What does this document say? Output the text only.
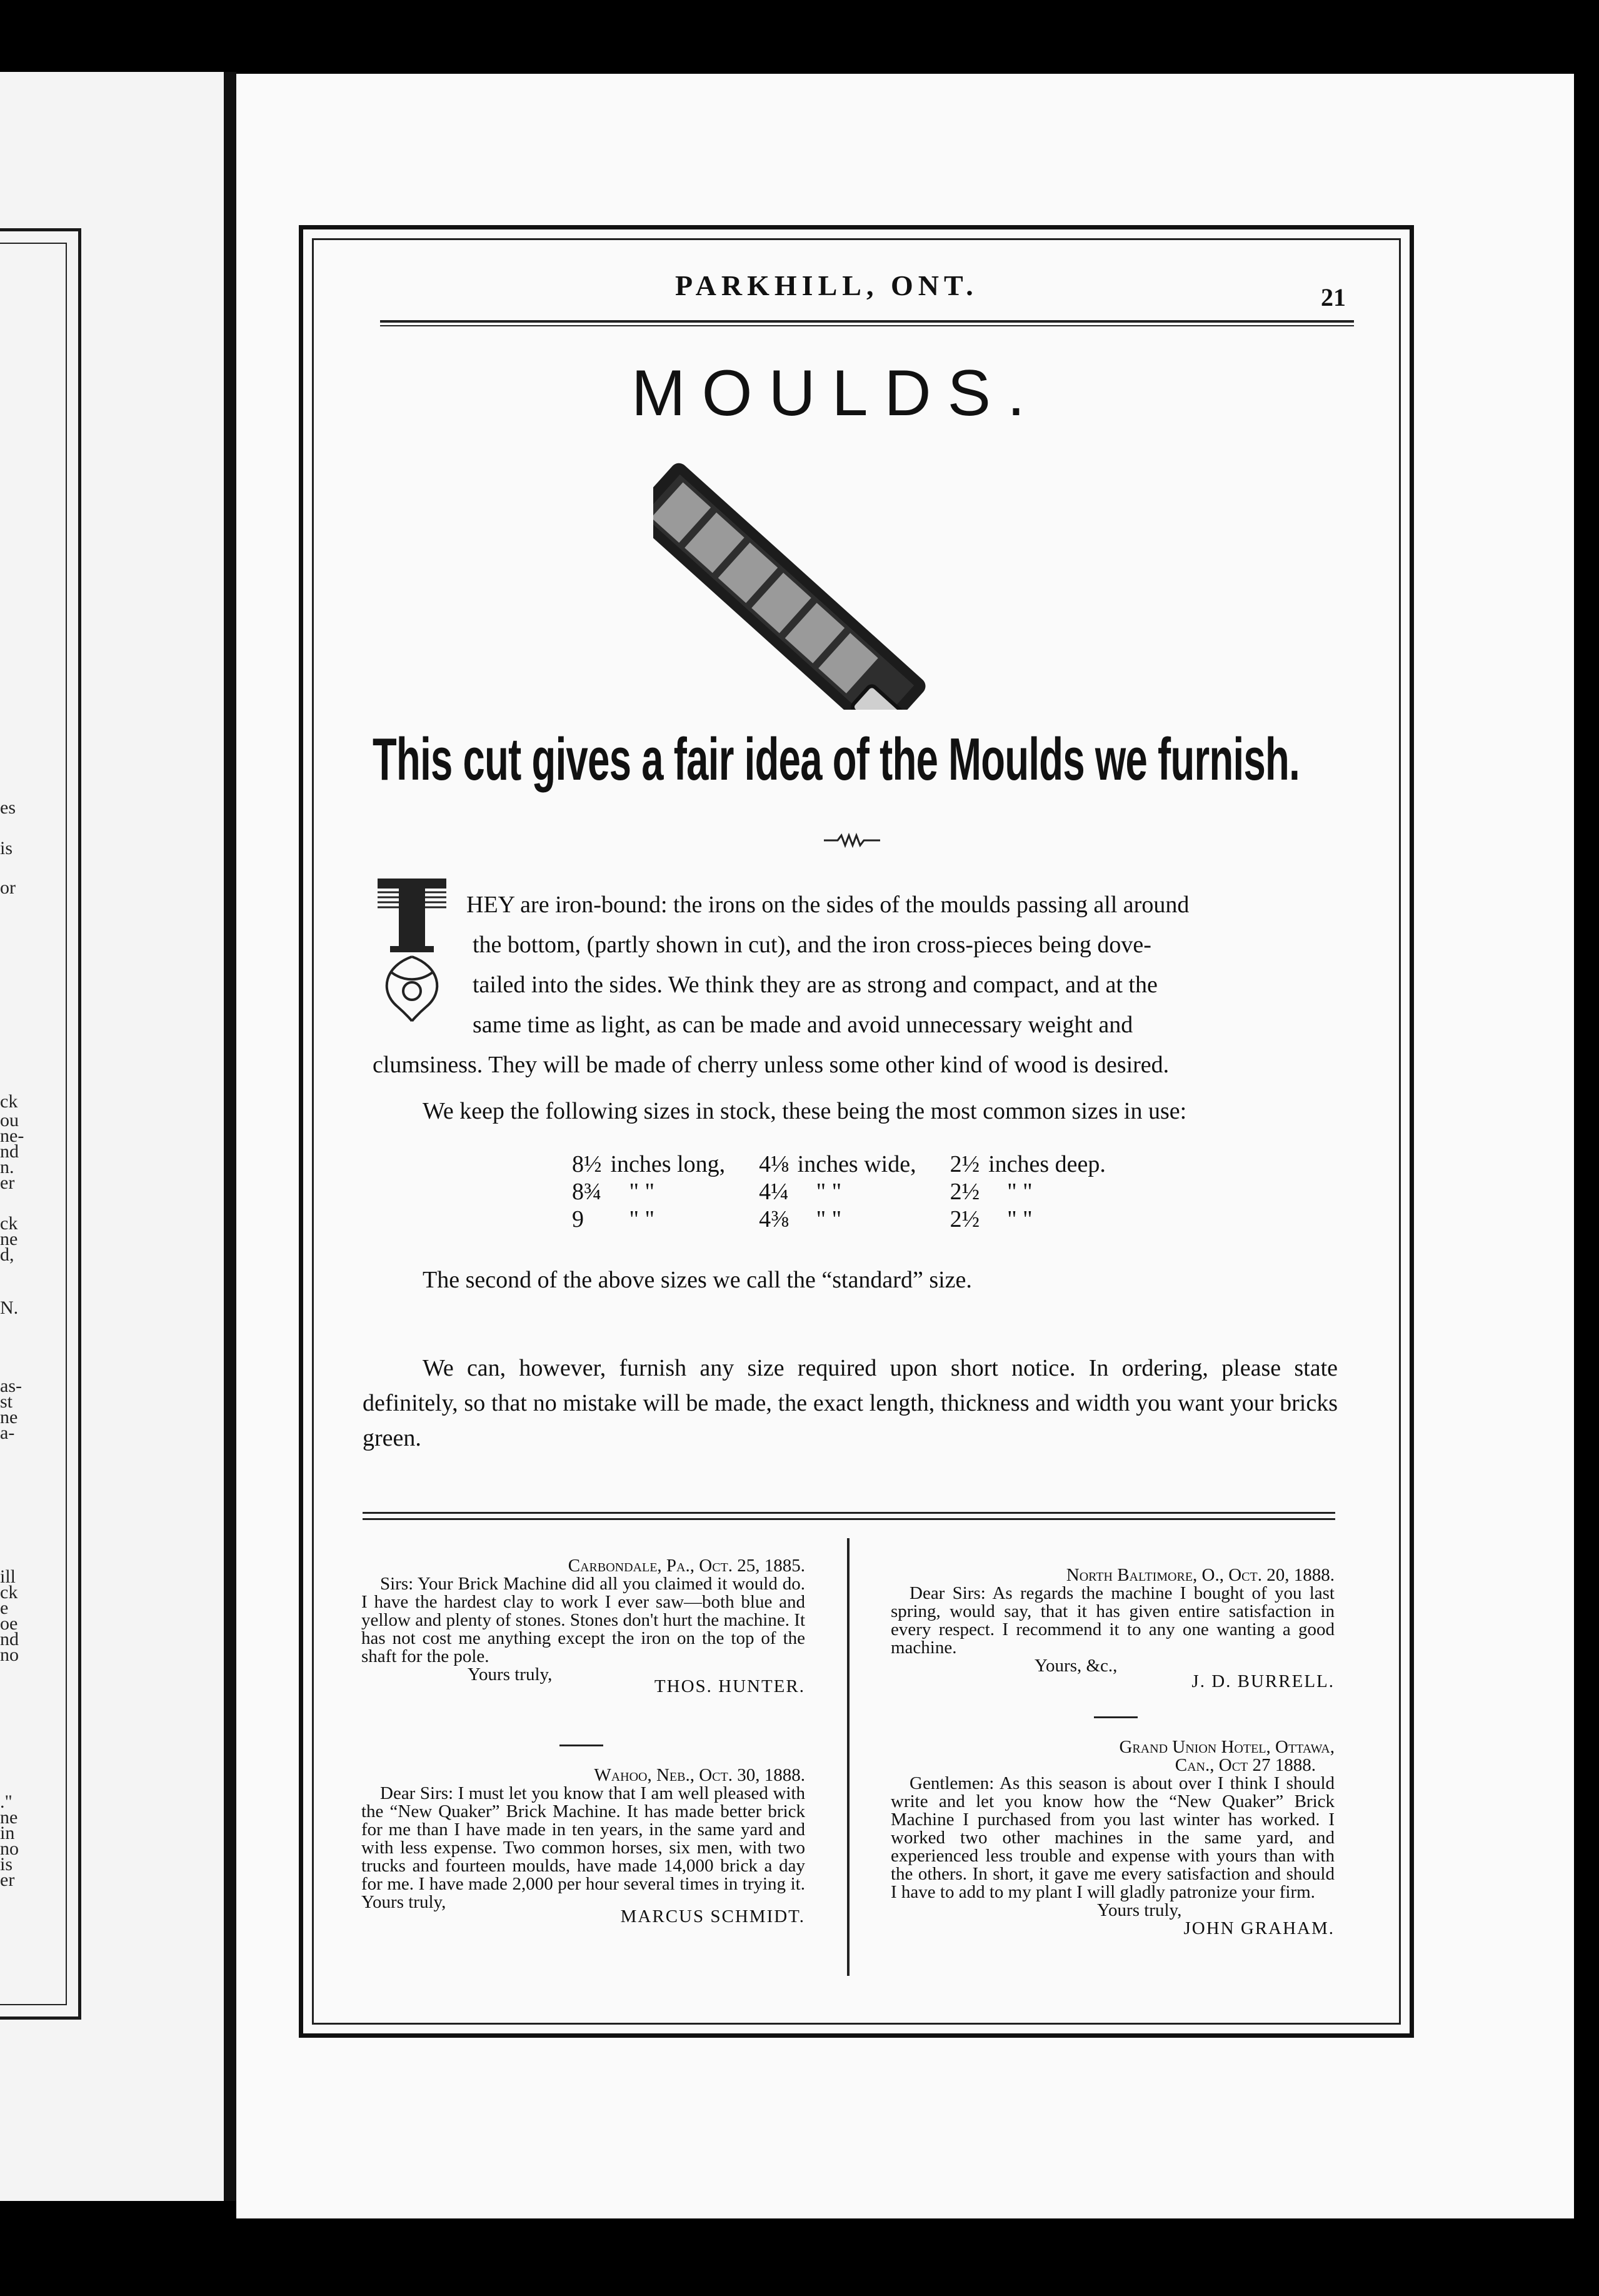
es
is
or
ck
ou
ne-
nd
n.
er
ck
ne
d,
N.
as-
st
ne
a-
ill
ck
e
oe
nd
no
."
ne
in
no
is
er
PARKHILL, ONT.	21
MOULDS.
This cut gives a fair idea of the Moulds we furnish.
HEY are iron-bound: the irons on the sides of the moulds passing all around
the bottom, (partly shown in cut), and the iron cross-pieces being dove-
tailed into the sides. We think they are as strong and compact, and at the
same time as light, as can be made and avoid unnecessary weight and
clumsiness. They will be made of cherry unless some other kind of wood is desired.
We keep the following sizes in stock, these being the most common sizes in use:
8½	inches long,	4⅛	inches wide,	2½	inches deep.
8¾	" "	4¼	" "	2½	" "
9	" "	4⅜	" "	2½	" "
The second of the above sizes we call the “standard” size.
We can, however, furnish any size required upon short notice. In ordering, please state definitely, so that no mistake will be made, the exact length, thickness and width you want your bricks green.
Carbondale, Pa., Oct. 25, 1885.
Sirs: Your Brick Machine did all you claimed it would do. I have the hardest clay to work I ever saw—both blue and yellow and plenty of stones. Stones don't hurt the machine. It has not cost me anything except the iron on the top of the shaft for the pole.
Yours truly,
THOS. HUNTER.
Wahoo, Neb., Oct. 30, 1888.
Dear Sirs: I must let you know that I am well pleased with the “New Quaker” Brick Machine. It has made better brick for me than I have made in ten years, in the same yard and with less expense. Two common horses, six men, with two trucks and fourteen moulds, have made 14,000 brick a day for me. I have made 2,000 per hour several times in trying it. Yours truly,
MARCUS SCHMIDT.
North Baltimore, O., Oct. 20, 1888.
Dear Sirs: As regards the machine I bought of you last spring, would say, that it has given entire satisfaction in every respect. I recommend it to any one wanting a good machine.
Yours, &c.,
J. D. BURRELL.
Grand Union Hotel, Ottawa,
Can., Oct 27 1888.
Gentlemen: As this season is about over I think I should write and let you know how the “New Quaker” Brick Machine I purchased from you last winter has worked. I worked two other machines in the same yard, and experienced less trouble and expense with yours than with the others. In short, it gave me every satisfaction and should I have to add to my plant I will gladly patronize your firm.
Yours truly,
JOHN GRAHAM.
